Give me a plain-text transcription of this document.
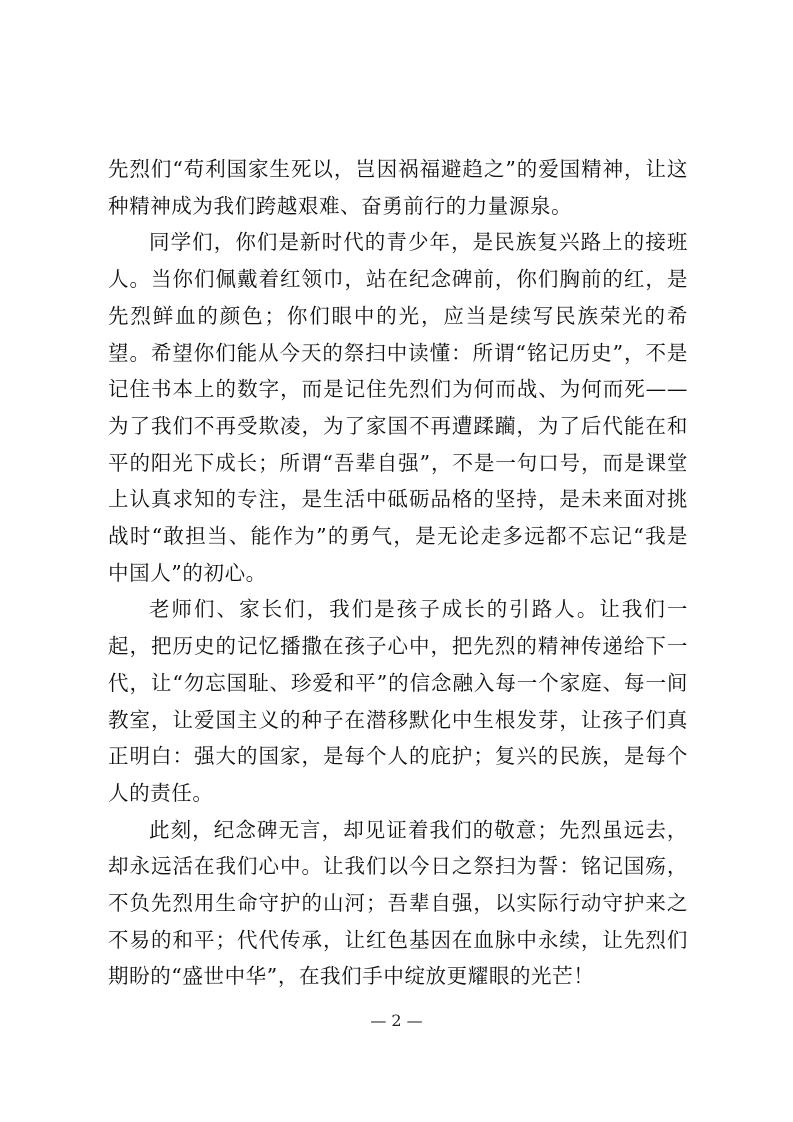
先烈们“苟利国家生死以，岂因祸福避趋之”的爱国精神，让这种精神成为我们跨越艰难、奋勇前行的力量源泉。

同学们，你们是新时代的青少年，是民族复兴路上的接班人。当你们佩戴着红领巾，站在纪念碑前，你们胸前的红，是先烈鲜血的颜色；你们眼中的光，应当是续写民族荣光的希望。希望你们能从今天的祭扫中读懂：所谓“铭记历史”，不是记住书本上的数字，而是记住先烈们为何而战、为何而死——为了我们不再受欺凌，为了家国不再遭蹂躏，为了后代能在和平的阳光下成长；所谓“吾辈自强”，不是一句口号，而是课堂上认真求知的专注，是生活中砥砺品格的坚持，是未来面对挑战时“敢担当、能作为”的勇气，是无论走多远都不忘记“我是中国人”的初心。

老师们、家长们，我们是孩子成长的引路人。让我们一起，把历史的记忆播撒在孩子心中，把先烈的精神传递给下一代，让“勿忘国耻、珍爱和平”的信念融入每一个家庭、每一间教室，让爱国主义的种子在潜移默化中生根发芽，让孩子们真正明白：强大的国家，是每个人的庇护；复兴的民族，是每个人的责任。

此刻，纪念碑无言，却见证着我们的敬意；先烈虽远去，却永远活在我们心中。让我们以今日之祭扫为誓：铭记国殇，不负先烈用生命守护的山河；吾辈自强，以实际行动守护来之不易的和平；代代传承，让红色基因在血脉中永续，让先烈们期盼的“盛世中华”，在我们手中绽放更耀眼的光芒！

— 2 —
